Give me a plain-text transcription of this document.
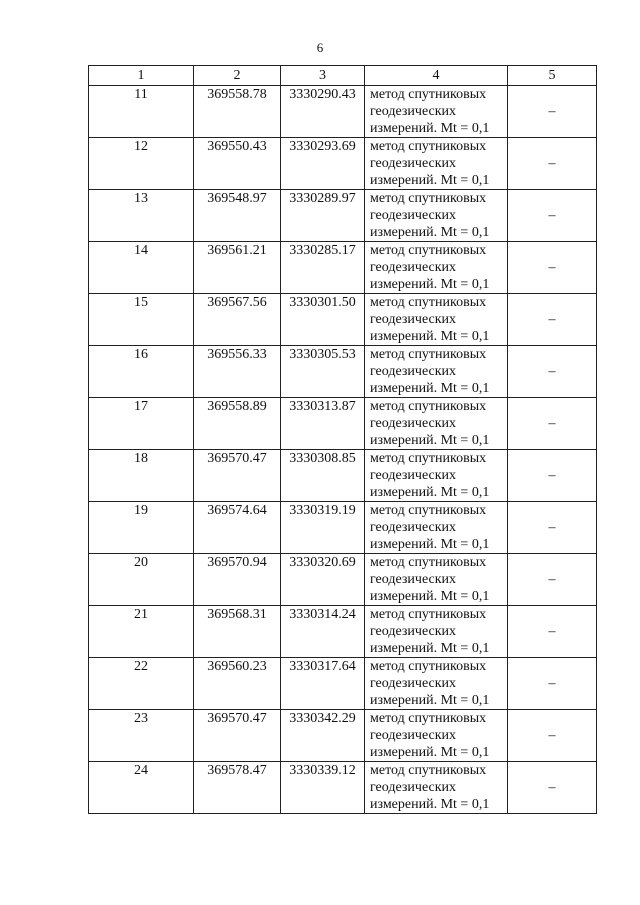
6
1	2	3	4	5
11	369558.78	3330290.43	метод спутниковых
геодезических
измерений. Mt = 0,1	–
12	369550.43	3330293.69	метод спутниковых
геодезических
измерений. Mt = 0,1	–
13	369548.97	3330289.97	метод спутниковых
геодезических
измерений. Mt = 0,1	–
14	369561.21	3330285.17	метод спутниковых
геодезических
измерений. Mt = 0,1	–
15	369567.56	3330301.50	метод спутниковых
геодезических
измерений. Mt = 0,1	–
16	369556.33	3330305.53	метод спутниковых
геодезических
измерений. Mt = 0,1	–
17	369558.89	3330313.87	метод спутниковых
геодезических
измерений. Mt = 0,1	–
18	369570.47	3330308.85	метод спутниковых
геодезических
измерений. Mt = 0,1	–
19	369574.64	3330319.19	метод спутниковых
геодезических
измерений. Mt = 0,1	–
20	369570.94	3330320.69	метод спутниковых
геодезических
измерений. Mt = 0,1	–
21	369568.31	3330314.24	метод спутниковых
геодезических
измерений. Mt = 0,1	–
22	369560.23	3330317.64	метод спутниковых
геодезических
измерений. Mt = 0,1	–
23	369570.47	3330342.29	метод спутниковых
геодезических
измерений. Mt = 0,1	–
24	369578.47	3330339.12	метод спутниковых
геодезических
измерений. Mt = 0,1	–
